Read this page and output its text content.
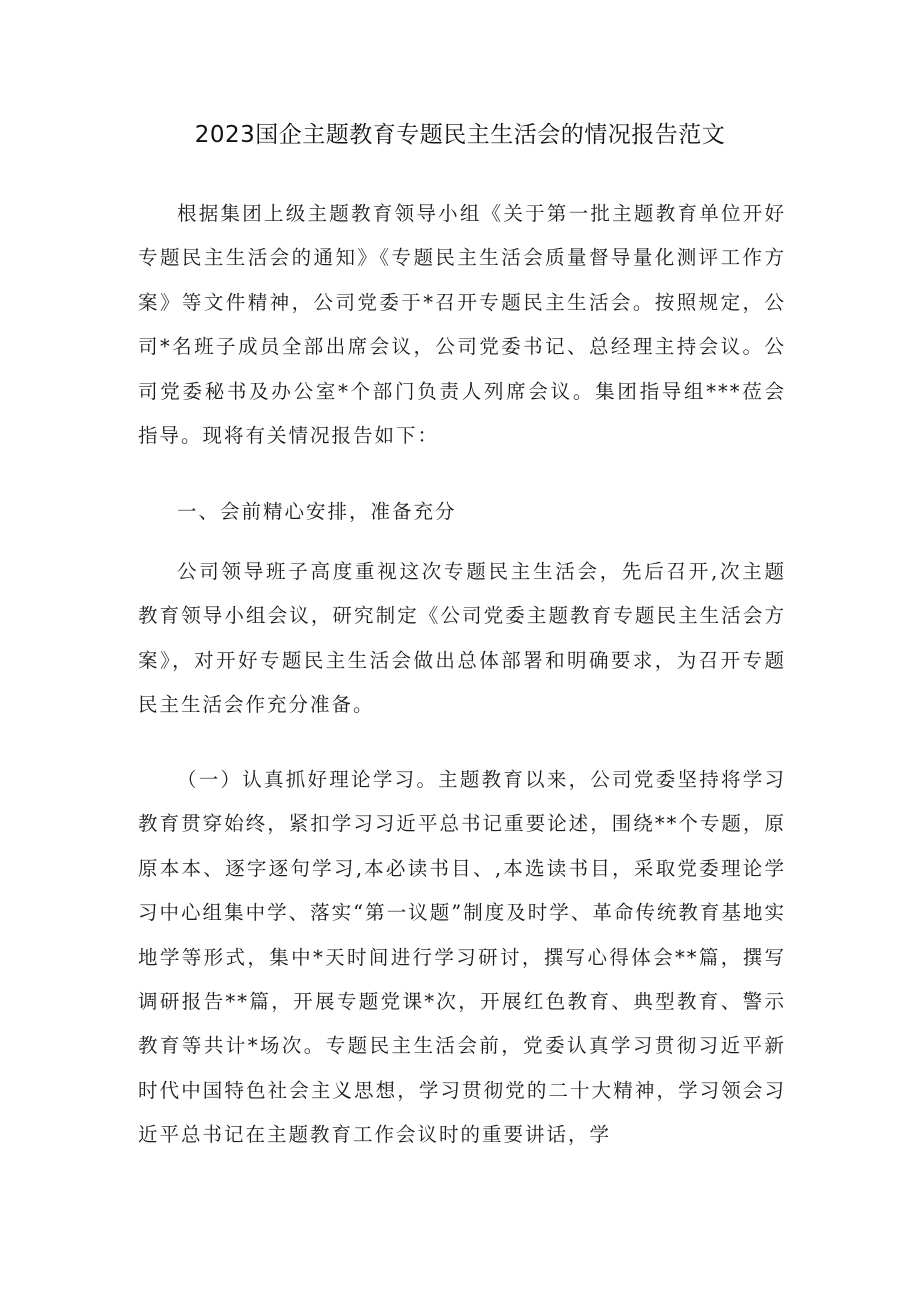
2023国企主题教育专题民主生活会的情况报告范文

根据集团上级主题教育领导小组《关于第一批主题教育单位开好专题民主生活会的通知》《专题民主生活会质量督导量化测评工作方案》等文件精神，公司党委于*召开专题民主生活会。按照规定，公司*名班子成员全部出席会议，公司党委书记、总经理主持会议。公司党委秘书及办公室*个部门负责人列席会议。集团指导组***莅会指导。现将有关情况报告如下：

一、会前精心安排，准备充分

公司领导班子高度重视这次专题民主生活会，先后召开‚次主题教育领导小组会议，研究制定《公司党委主题教育专题民主生活会方案》，对开好专题民主生活会做出总体部署和明确要求，为召开专题民主生活会作充分准备。

（一）认真抓好理论学习。主题教育以来，公司党委坚持将学习教育贯穿始终，紧扣学习习近平总书记重要论述，围绕**个专题，原原本本、逐字逐句学习‚本必读书目、‚本选读书目，采取党委理论学习中心组集中学、落实“第一议题”制度及时学、革命传统教育基地实地学等形式，集中*天时间进行学习研讨，撰写心得体会**篇，撰写调研报告**篇，开展专题党课*次，开展红色教育、典型教育、警示教育等共计*场次。专题民主生活会前，党委认真学习贯彻习近平新时代中国特色社会主义思想，学习贯彻党的二十大精神，学习领会习近平总书记在主题教育工作会议时的重要讲话，学
